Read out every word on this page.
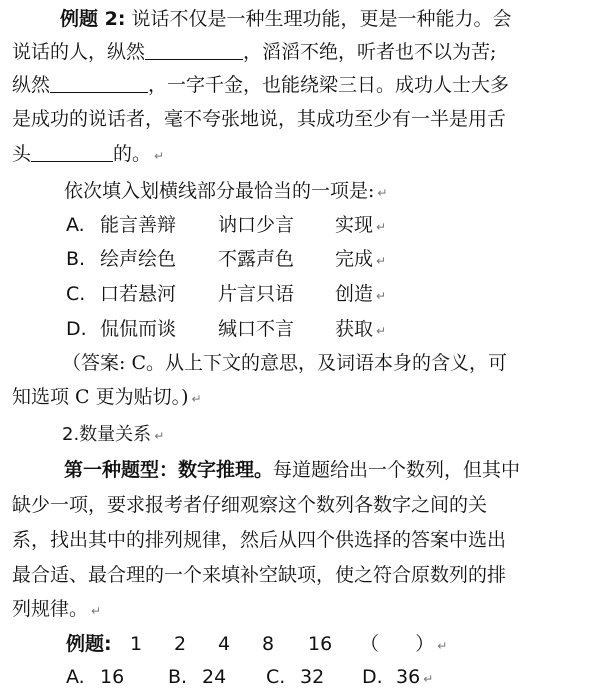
例题 2: 说话不仅是一种生理功能，更是一种能力。会
说话的人，纵然	，滔滔不绝，听者也不以为苦;
纵然	，一字千金，也能绕梁三日。成功人士大多
是成功的说话者，毫不夸张地说，其成功至少有一半是用舌
头	的。 ↵
依次填入划横线部分最恰当的一项是: ↵
A. 能言善辩 讷口少言 实现 ↵
B. 绘声绘色 不露声色 完成 ↵
C. 口若悬河 片言只语 创造 ↵
D. 侃侃而谈 缄口不言 获取 ↵
（答案: C。从上下文的意思，及词语本身的含义，可
知选项 C 更为贴切。) ↵
2.数量关系 ↵
第一种题型：数字推理。每道题给出一个数列，但其中
缺少一项，要求报考者仔细观察这个数列各数字之间的关
系，找出其中的排列规律，然后从四个供选择的答案中选出
最合适、最合理的一个来填补空缺项，使之符合原数列的排
列规律。 ↵
例题: 1 2 4 8 16 （      ） ↵
A. 16 B. 24 C. 32 D. 36 ↵
